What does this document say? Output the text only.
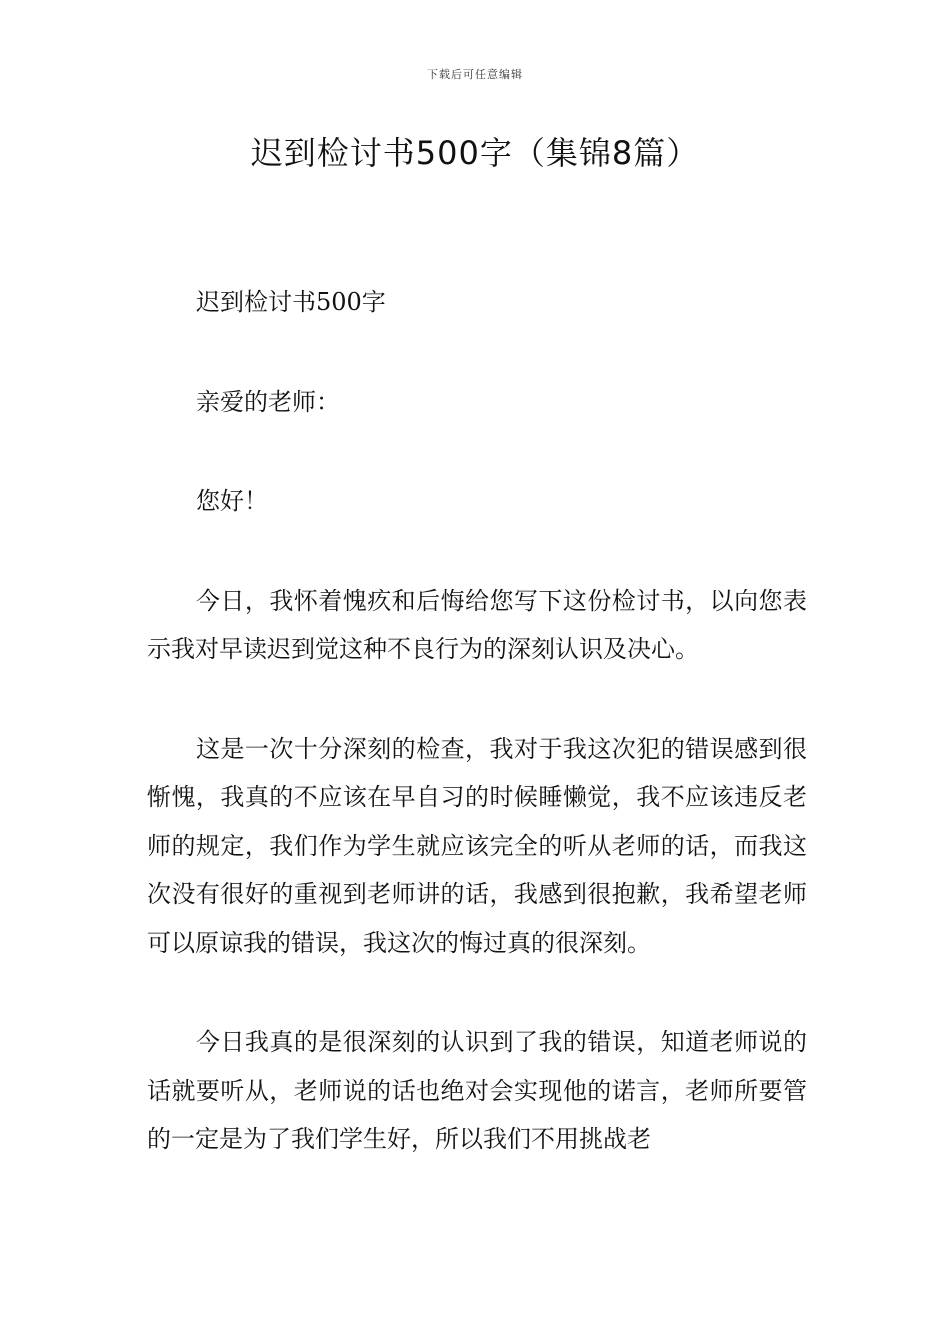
下载后可任意编辑
迟到检讨书500字（集锦8篇）

迟到检讨书500字

亲爱的老师：

您好！

今日，我怀着愧疚和后悔给您写下这份检讨书，以向您表示我对早读迟到觉这种不良行为的深刻认识及决心。

这是一次十分深刻的检查，我对于我这次犯的错误感到很惭愧，我真的不应该在早自习的时候睡懒觉，我不应该违反老师的规定，我们作为学生就应该完全的听从老师的话，而我这次没有很好的重视到老师讲的话，我感到很抱歉，我希望老师可以原谅我的错误，我这次的悔过真的很深刻。

今日我真的是很深刻的认识到了我的错误，知道老师说的话就要听从，老师说的话也绝对会实现他的诺言，老师所要管的一定是为了我们学生好，所以我们不用挑战老
